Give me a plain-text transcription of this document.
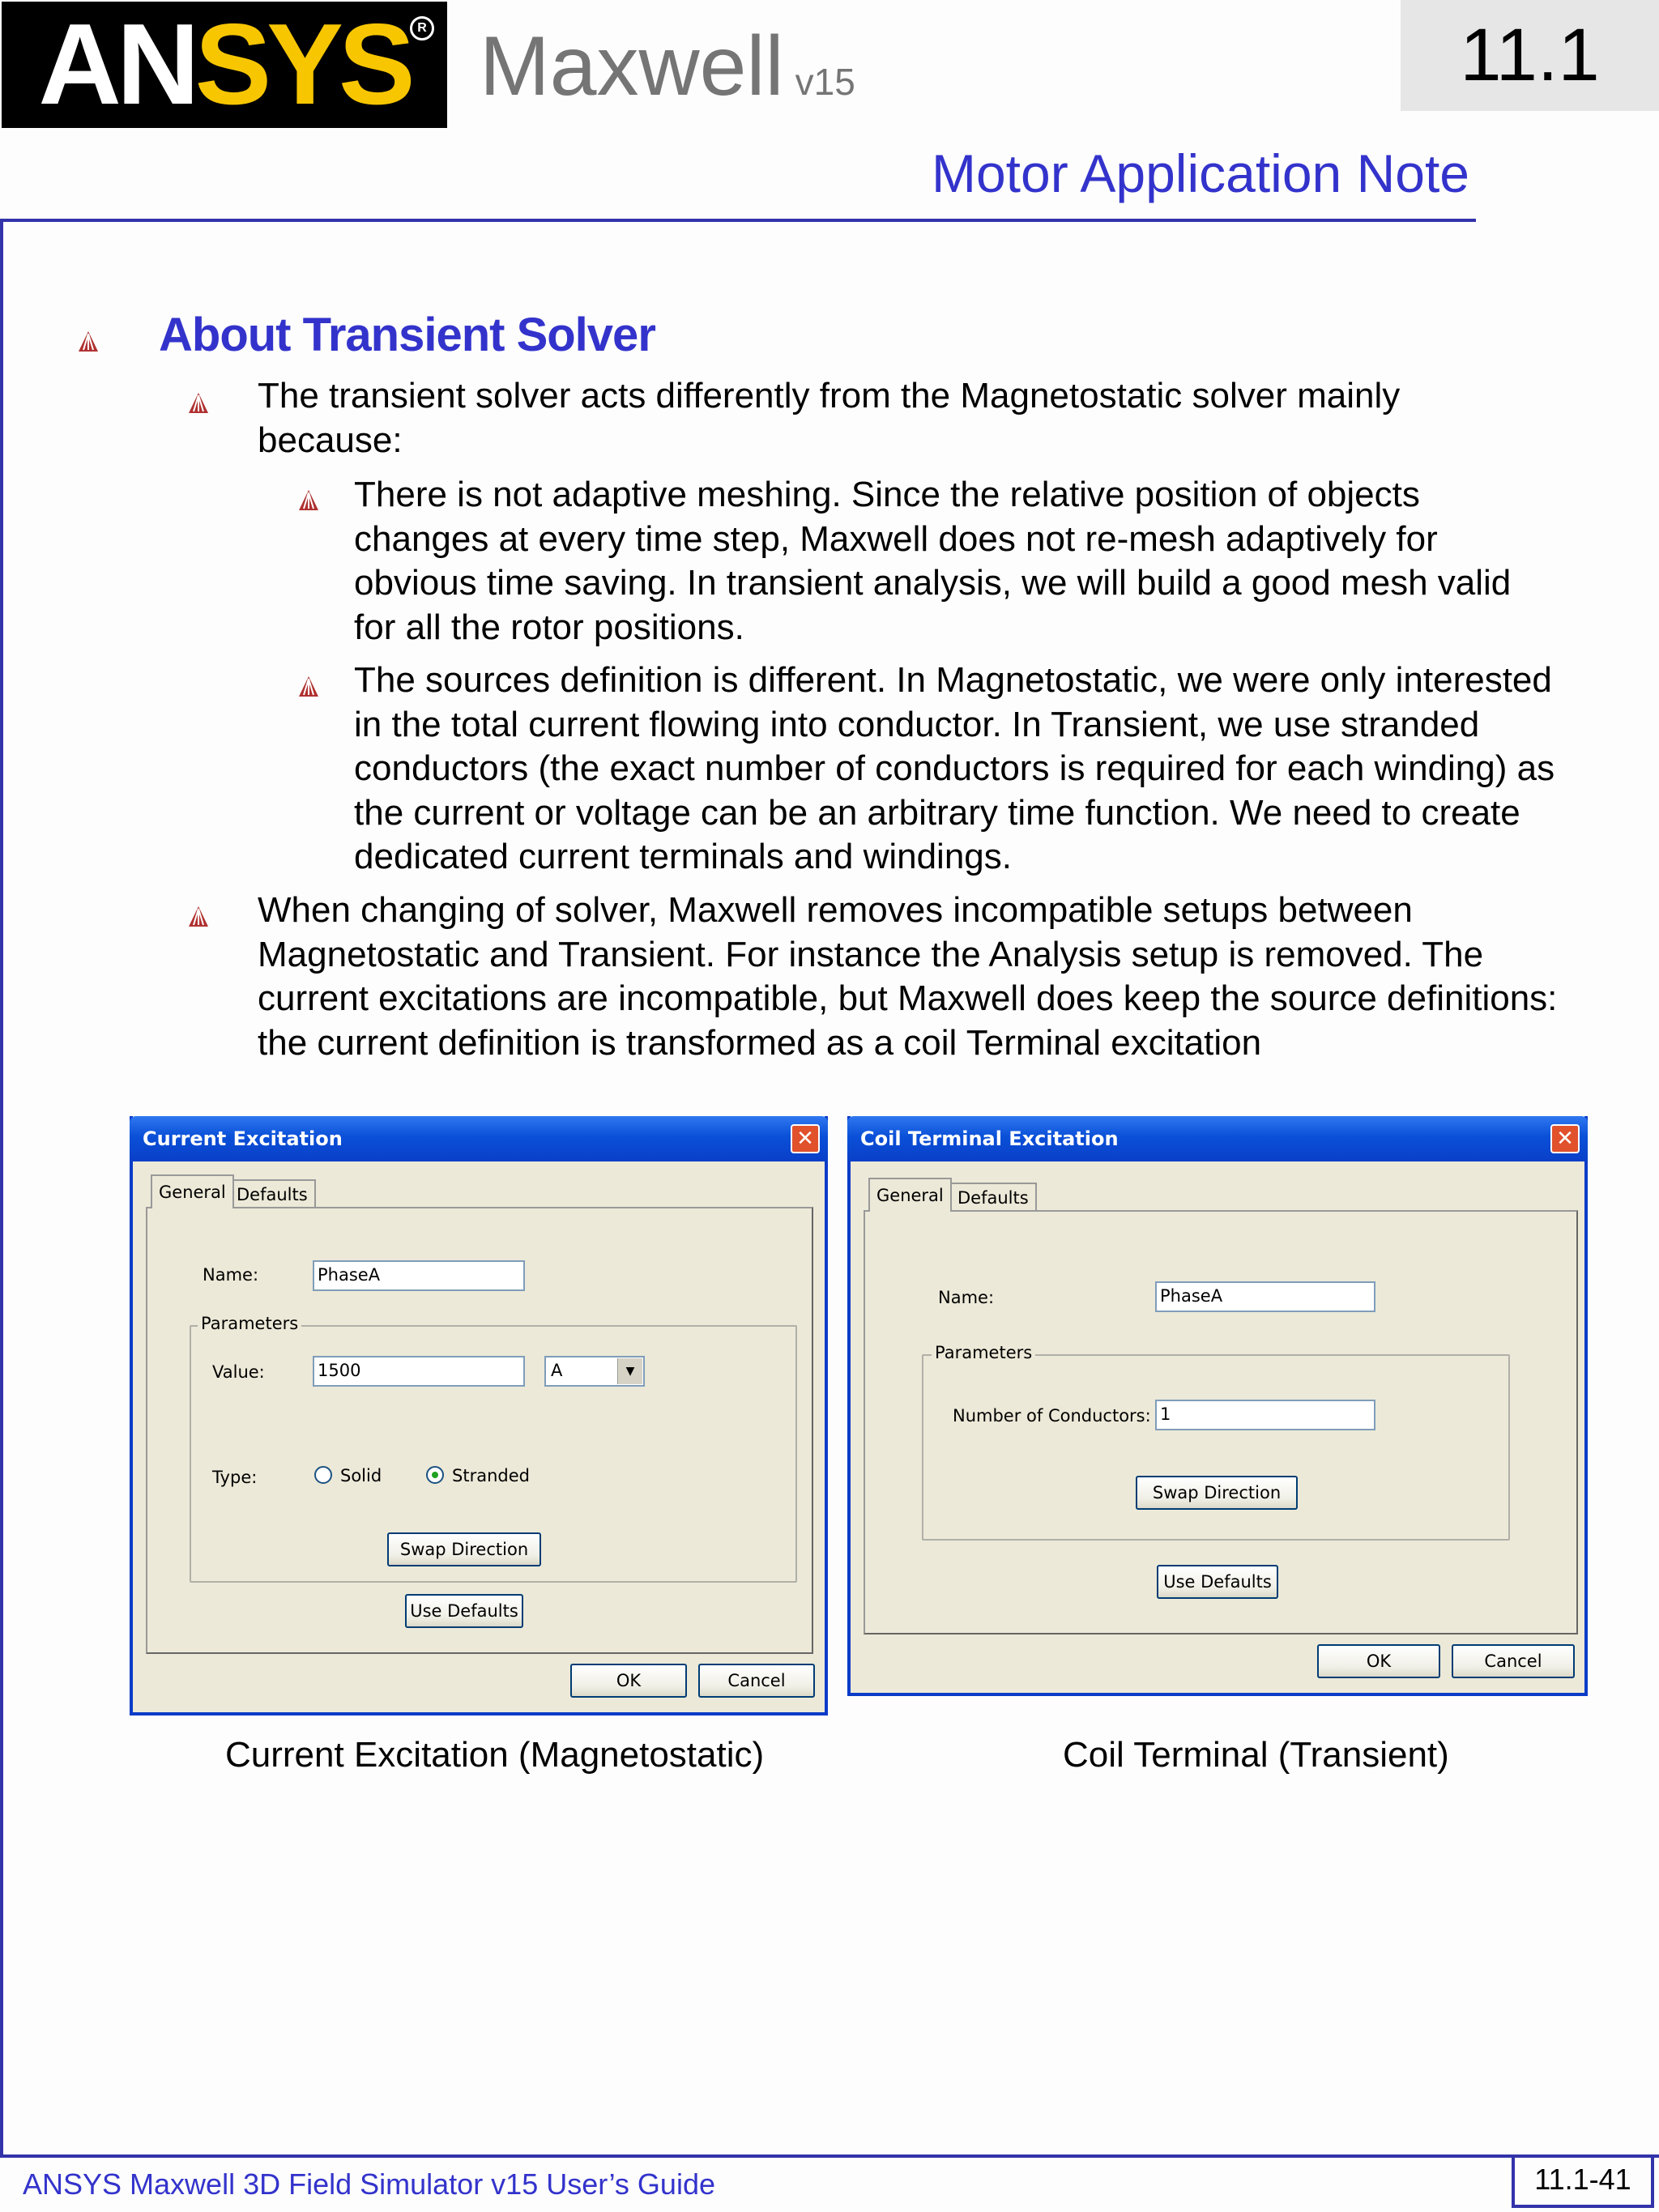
AN SYS R Maxwell v15	11.1
Motor Application Note
About Transient Solver
The transient solver acts differently from the Magnetostatic solver mainly because:
There is not adaptive meshing. Since the relative position of objects changes at every time step, Maxwell does not re-mesh adaptively for obvious time saving. In transient analysis, we will build a good mesh valid for all the rotor positions.
The sources definition is different. In Magnetostatic, we were only interested in the total current flowing into conductor. In Transient, we use stranded conductors (the exact number of conductors is required for each winding) as the current or voltage can be an arbitrary time function. We need to create dedicated current terminals and windings.
When changing of solver, Maxwell removes incompatible setups between Magnetostatic and Transient. For instance the Analysis setup is removed. The current excitations are incompatible, but Maxwell does keep the source definitions: the current definition is transformed as a coil Terminal excitation
Current Excitation	✕
General Defaults
Name:	PhaseA
Parameters
Value:	1500	A	▼
Type:	Solid	Stranded
Swap Direction
Use Defaults
OK	Cancel
Current Excitation (Magnetostatic)
Coil Terminal Excitation	✕
General Defaults
Name:	PhaseA
Parameters
Number of Conductors: 1
Swap Direction
Use Defaults
OK	Cancel
Coil Terminal (Transient)
ANSYS Maxwell 3D Field Simulator v15 User’s Guide	11.1-41
